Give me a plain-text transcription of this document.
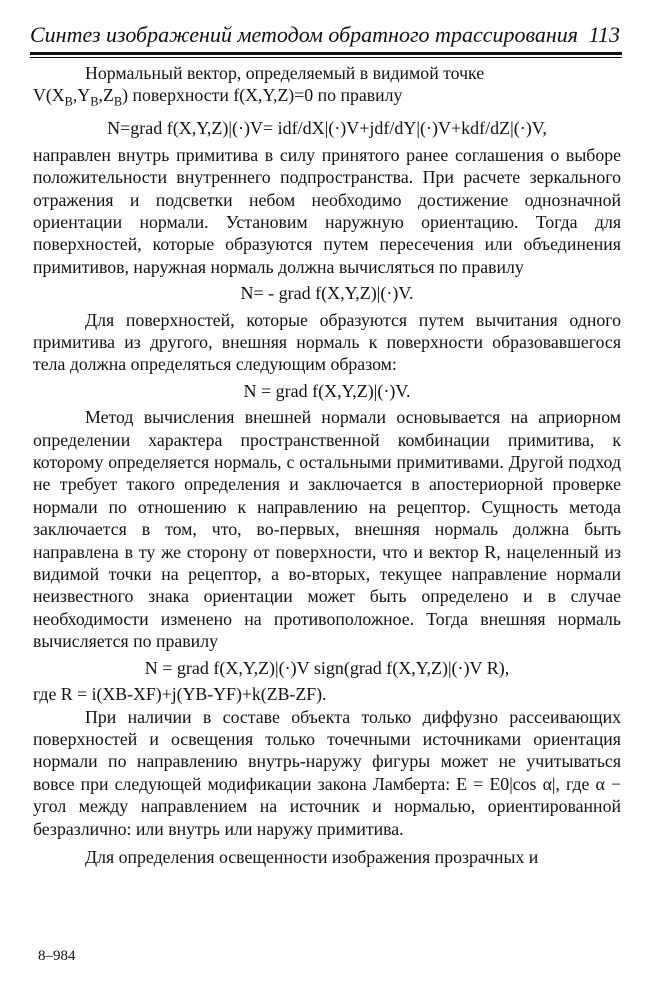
Синтез изображений методом обратного трассирования 113

Нормальный вектор, определяемый в видимой точке

$V(X_B,Y_B,Z_B)$ поверхности f(X,Y,Z)=0 по правилу

N=grad f(X,Y,Z)|(·)V= idf/dX|(·)V+jdf/dY|(·)V+kdf/dZ|(·)V,

направлен внутрь примитива в силу принятого ранее соглашения о выборе положительности внутреннего подпространства. При расчете зеркального отражения и подсветки небом необходимо достижение однозначной ориентации нормали. Установим наружную ориентацию. Тогда для поверхностей, которые образуются путем пересечения или объединения примитивов, наружная нормаль должна вычисляться по правилу

N= - grad f(X,Y,Z)|(·)V.

Для поверхностей, которые образуются путем вычитания одного примитива из другого, внешняя нормаль к поверхности образовавшегося тела должна определяться следующим образом:

N = grad f(X,Y,Z)|(·)V.

Метод вычисления внешней нормали основывается на априорном определении характера пространственной комбинации примитива, к которому определяется нормаль, с остальными примитивами. Другой подход не требует такого определения и заключается в апостериорной проверке нормали по отношению к направлению на рецептор. Сущность метода заключается в том, что, во-первых, внешняя нормаль должна быть направлена в ту же сторону от поверхности, что и вектор R, нацеленный из видимой точки на рецептор, а во-вторых, текущее направление нормали неизвестного знака ориентации может быть определено и в случае необходимости изменено на противоположное. Тогда внешняя нормаль вычисляется по правилу

N = grad f(X,Y,Z)|(·)V sign(grad f(X,Y,Z)|(·)V R),

где R = i(XB-XF)+j(YB-YF)+k(ZB-ZF).

При наличии в составе объекта только диффузно рассеивающих поверхностей и освещения только точечными источниками ориентация нормали по направлению внутрь-наружу фигуры может не учитываться вовсе при следующей модификации закона Ламберта: E = E0|cos α|, где α − угол между направлением на источник и нормалью, ориентированной безразлично: или внутрь или наружу примитива.

Для определения освещенности изображения прозрачных и

8–984
